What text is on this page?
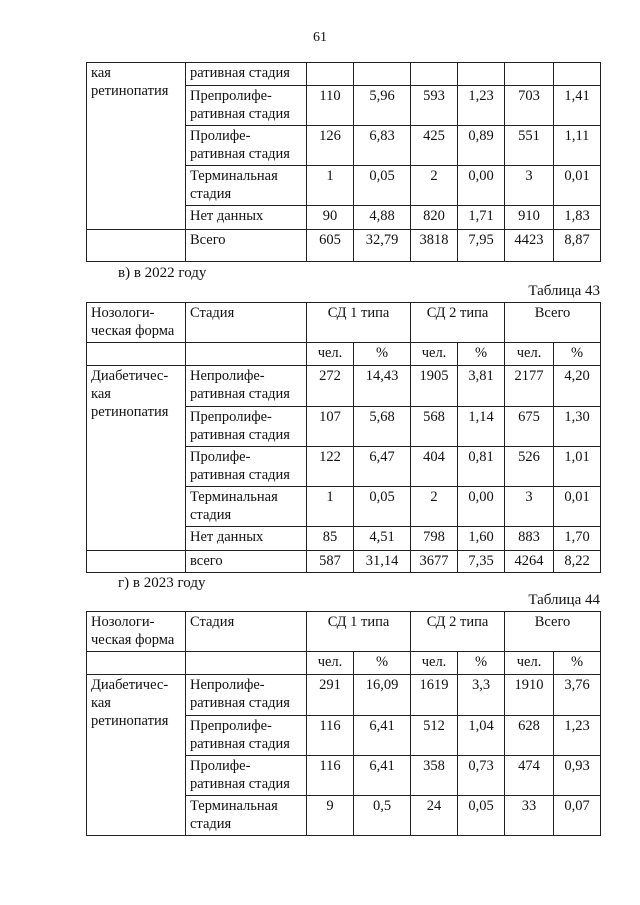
61
кая
ретинопатия	ративная стадия						
	Препролифе-
ративная стадия	110	5,96	593	1,23	703	1,41
	Пролифе-
ративная стадия	126	6,83	425	0,89	551	1,11
	Терминальная
стадия	1	0,05	2	0,00	3	0,01
	Нет данных	90	4,88	820	1,71	910	1,83
	Всего	605	32,79	3818	7,95	4423	8,87
в) в 2022 году
Таблица 43
Нозологи-
ческая форма	Стадия	СД 1 типа		СД 2 типа		Всего	
		чел.	%	чел.	%	чел.	%
Диабетичес-
кая
ретинопатия	Непролифе-
ративная стадия	272	14,43	1905	3,81	2177	4,20
	Препролифе-
ративная стадия	107	5,68	568	1,14	675	1,30
	Пролифе-
ративная стадия	122	6,47	404	0,81	526	1,01
	Терминальная
стадия	1	0,05	2	0,00	3	0,01
	Нет данных	85	4,51	798	1,60	883	1,70
	всего	587	31,14	3677	7,35	4264	8,22
г) в 2023 году
Таблица 44
Нозологи-
ческая форма	Стадия	СД 1 типа		СД 2 типа		Всего	
		чел.	%	чел.	%	чел.	%
Диабетичес-
кая
ретинопатия	Непролифе-
ративная стадия	291	16,09	1619	3,3	1910	3,76
	Препролифе-
ративная стадия	116	6,41	512	1,04	628	1,23
	Пролифе-
ративная стадия	116	6,41	358	0,73	474	0,93
	Терминальная
стадия	9	0,5	24	0,05	33	0,07
